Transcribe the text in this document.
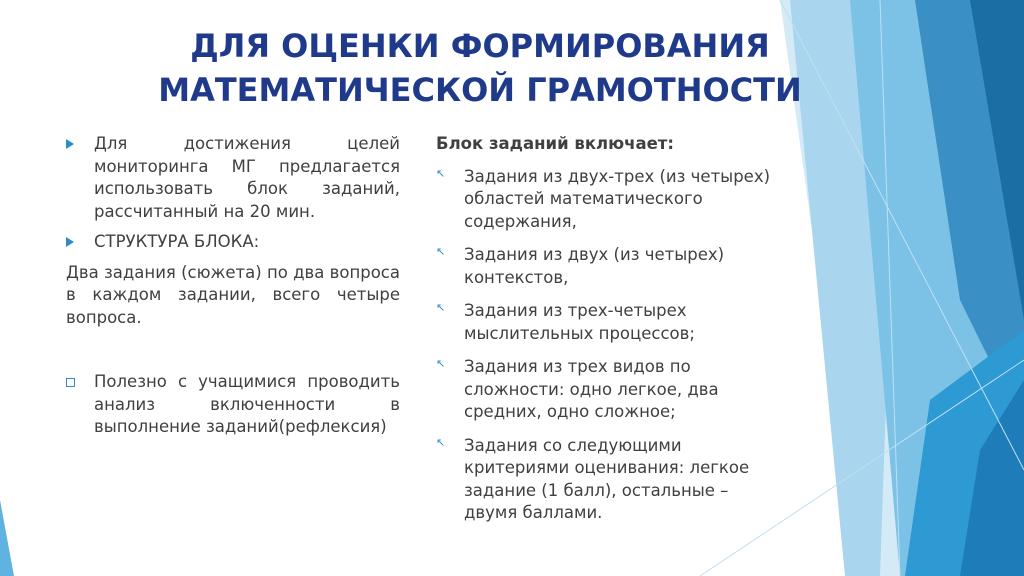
ДЛЯ ОЦЕНКИ ФОРМИРОВАНИЯ
МАТЕМАТИЧЕСКОЙ ГРАМОТНОСТИ
Для достижения целей мониторинга МГ предлагается использовать блок заданий, рассчитанный на 20 мин.
СТРУКТУРА БЛОКА:
Два задания (сюжета) по два вопроса в каждом задании, всего четыре вопроса.
Полезно с учащимися проводить анализ включенности в выполнение заданий(рефлексия)
Блок заданий включает:
↖ Задания из двух-трех (из четырех) областей математического содержания,
↖ Задания из двух (из четырех) контекстов,
↖ Задания из трех-четырех мыслительных процессов;
↖ Задания из трех видов по сложности: одно легкое, два средних, одно сложное;
↖ Задания со следующими критериями оценивания: легкое задание (1 балл), остальные – двумя баллами.
